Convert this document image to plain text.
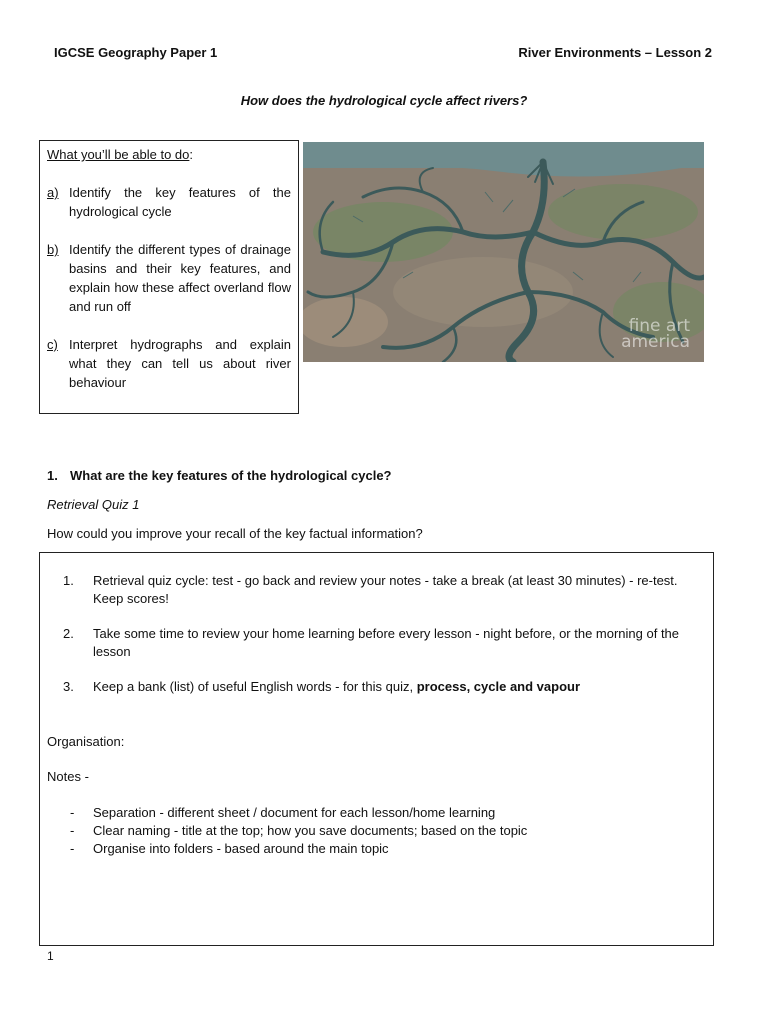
IGCSE Geography Paper 1	River Environments – Lesson 2
How does the hydrological cycle affect rivers?
What you’ll be able to do:
a) Identify the key features of the hydrological cycle
b) Identify the different types of drainage basins and their key features, and explain how these affect overland flow and run off
c) Interpret hydrographs and explain what they can tell us about river behaviour
fine art
america
1. What are the key features of the hydrological cycle?
Retrieval Quiz 1
How could you improve your recall of the key factual information?
1.	Retrieval quiz cycle: test - go back and review your notes - take a break (at least 30 minutes) - re-test. Keep scores!
2.	Take some time to review your home learning before every lesson - night before, or the morning of the lesson
3.	Keep a bank (list) of useful English words - for this quiz, process, cycle and vapour
Organisation:
Notes -
-	Separation - different sheet / document for each lesson/home learning
-	Clear naming - title at the top; how you save documents; based on the topic
-	Organise into folders - based around the main topic
1
